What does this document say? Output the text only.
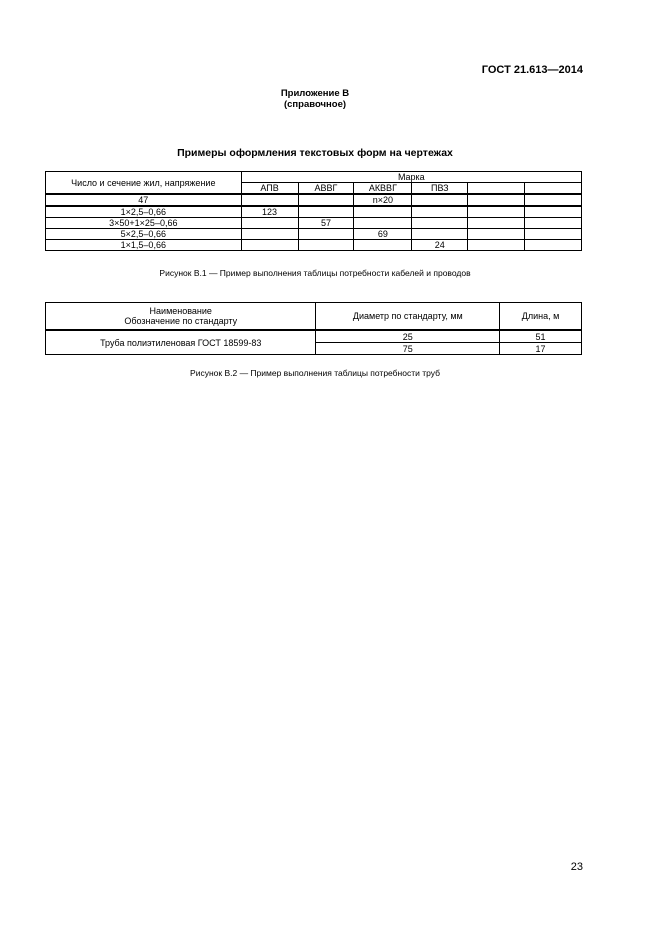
ГОСТ 21.613—2014
Приложение В
(справочное)
Примеры оформления текстовых форм на чертежах
Число и сечение жил, напряжение	Марка					
	АПВ	АВВГ	АКВВГ	ПВЗ		
47			n×20			
1×2,5–0,66	123					
3×50+1×25–0,66		57				
5×2,5–0,66			69			
1×1,5–0,66				24		
Рисунок В.1 — Пример выполнения таблицы потребности кабелей и проводов
Наименование
Обозначение по стандарту	Диаметр по стандарту, мм	Длина, м
Труба полиэтиленовая ГОСТ 18599-83	25	51
	75	17
Рисунок В.2 — Пример выполнения таблицы потребности труб
23
